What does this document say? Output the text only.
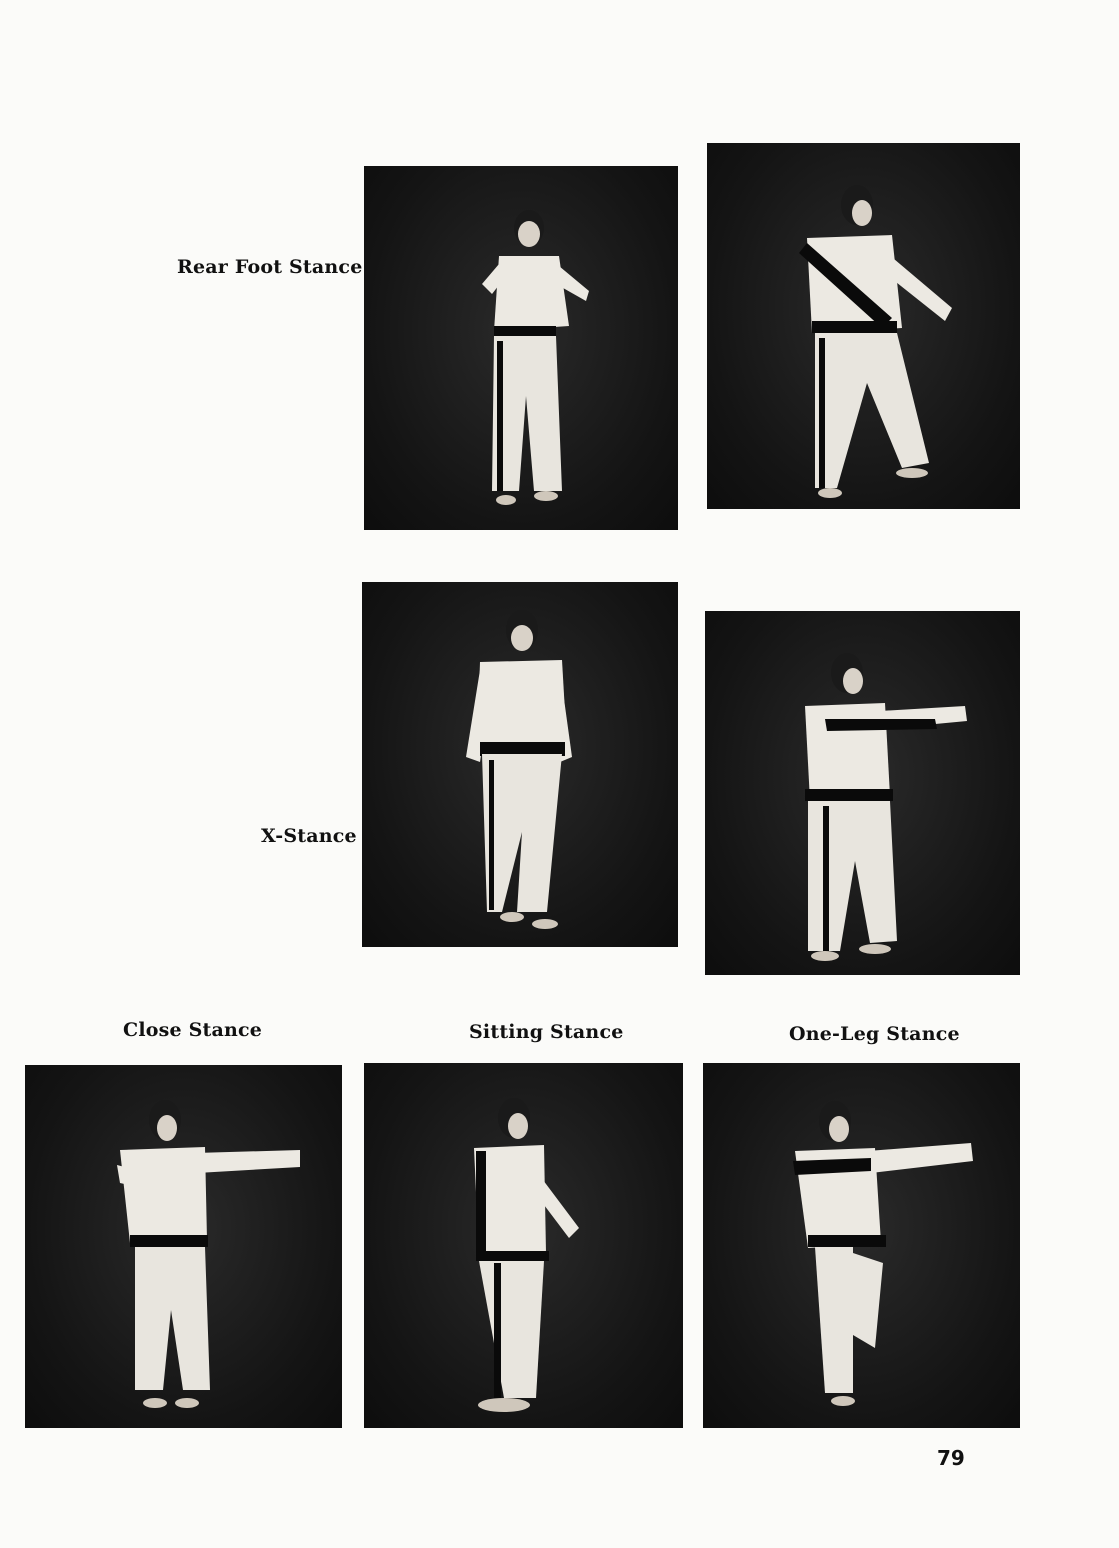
Rear Foot Stance
X-Stance
Close Stance	Sitting Stance	One-Leg Stance
79
